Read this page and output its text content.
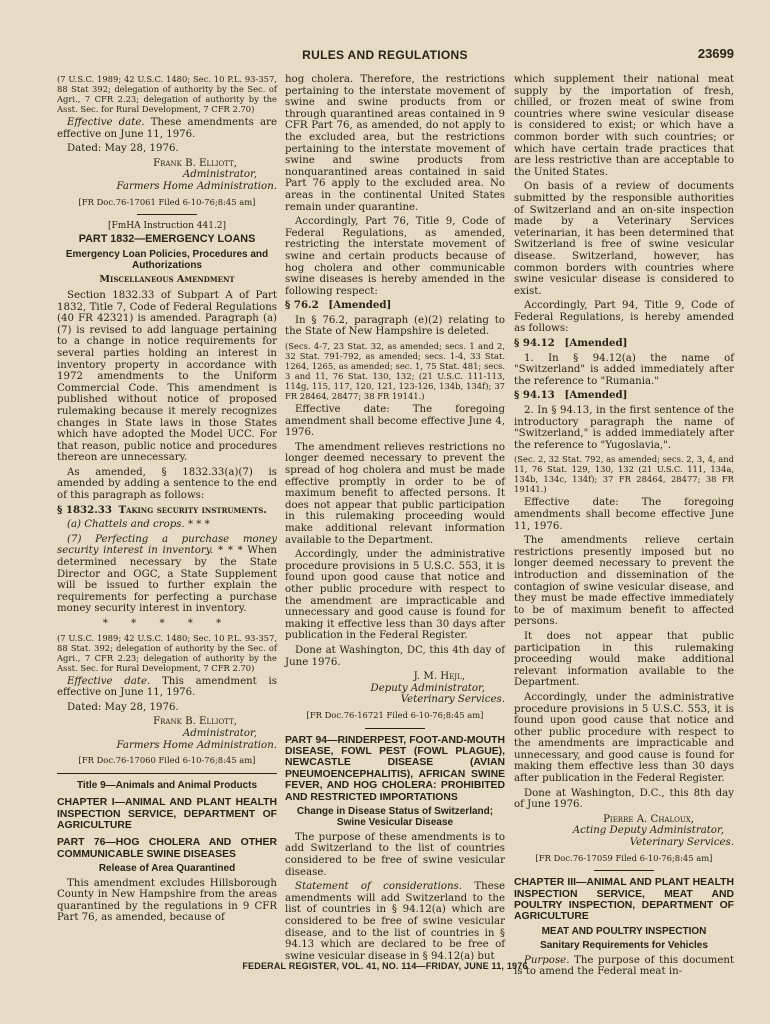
RULES AND REGULATIONS	23699

(7 U.S.C. 1989; 42 U.S.C. 1480; Sec. 10 P.L. 93-357, 88 Stat 392; delegation of authority by the Sec. of Agri., 7 CFR 2.23; delegation of authority by the Asst. Sec. for Rural Development, 7 CFR 2.70)

Effective date. These amendments are effective on June 11, 1976.

Dated: May 28, 1976.

Frank B. Elliott,

Administrator,

Farmers Home Administration.

[FR Doc.76-17061 Filed 6-10-76;8:45 am]

[FmHA Instruction 441.2]

PART 1832—EMERGENCY LOANS

Emergency Loan Policies, Procedures and Authorizations

Miscellaneous Amendment

Section 1832.33 of Subpart A of Part 1832, Title 7, Code of Federal Regulations (40 FR 42321) is amended. Paragraph (a) (7) is revised to add language pertaining to a change in notice requirements for several parties holding an interest in inventory property in accordance with 1972 amendments to the Uniform Commercial Code. This amendment is published without notice of proposed rulemaking because it merely recognizes changes in State laws in those States which have adopted the Model UCC. For that reason, public notice and procedures thereon are unnecessary.

As amended, § 1832.33(a)(7) is amended by adding a sentence to the end of this paragraph as follows:

§ 1832.33 Taking security instruments.

(a) Chattels and crops. * * *

(7) Perfecting a purchase money security interest in inventory. * * * When determined necessary by the State Director and OGC, a State Supplement will be issued to further explain the requirements for perfecting a purchase money security interest in inventory.

* * * * *

(7 U.S.C. 1989; 42 U.S.C. 1480; Sec. 10 P.L. 93-357, 88 Stat. 392; delegation of authority by the Sec. of Agri., 7 CFR 2.23; delegation of authority by the Asst. Sec. for Rural Development, 7 CFR 2.70)

Effective date. This amendment is effective on June 11, 1976.

Dated: May 28, 1976.

Frank B. Elliott,

Administrator,

Farmers Home Administration.

[FR Doc.76-17060 Filed 6-10-76;8:45 am]

Title 9—Animals and Animal Products

CHAPTER I—ANIMAL AND PLANT HEALTH INSPECTION SERVICE, DEPARTMENT OF AGRICULTURE

PART 76—HOG CHOLERA AND OTHER COMMUNICABLE SWINE DISEASES

Release of Area Quarantined

This amendment excludes Hillsborough County in New Hampshire from the areas quarantined by the regulations in 9 CFR Part 76, as amended, because of

hog cholera. Therefore, the restrictions pertaining to the interstate movement of swine and swine products from or through quarantined areas contained in 9 CFR Part 76, as amended, do not apply to the excluded area, but the restrictions pertaining to the interstate movement of swine and swine products from nonquarantined areas contained in said Part 76 apply to the excluded area. No areas in the continental United States remain under quarantine.

Accordingly, Part 76, Title 9, Code of Federal Regulations, as amended, restricting the interstate movement of swine and certain products because of hog cholera and other communicable swine diseases is hereby amended in the following respect:

§ 76.2 [Amended]

In § 76.2, paragraph (e)(2) relating to the State of New Hampshire is deleted.

(Secs. 4-7, 23 Stat. 32, as amended; secs. 1 and 2, 32 Stat. 791-792, as amended; secs. 1-4, 33 Stat. 1264, 1265, as amended; sec. 1, 75 Stat. 481; secs. 3 and 11, 76 Stat. 130, 132; (21 U.S.C. 111-113, 114g, 115, 117, 120, 121, 123-126, 134b, 134f); 37 FR 28464, 28477; 38 FR 19141.)

Effective date: The foregoing amendment shall become effective June 4, 1976.

The amendment relieves restrictions no longer deemed necessary to prevent the spread of hog cholera and must be made effective promptly in order to be of maximum benefit to affected persons. It does not appear that public participation in this rulemaking proceeding would make additional relevant information available to the Department.

Accordingly, under the administrative procedure provisions in 5 U.S.C. 553, it is found upon good cause that notice and other public procedure with respect to the amendment are impracticable and unnecessary and good cause is found for making it effective less than 30 days after publication in the Federal Register.

Done at Washington, DC, this 4th day of June 1976.

J. M. Hejl,

Deputy Administrator,

Veterinary Services.

[FR Doc.76-16721 Filed 6-10-76;8:45 am]

PART 94—RINDERPEST, FOOT-AND-MOUTH DISEASE, FOWL PEST (FOWL PLAGUE), NEWCASTLE DISEASE (AVIAN PNEUMOENCEPHALITIS), AFRICAN SWINE FEVER, AND HOG CHOLERA: PROHIBITED AND RESTRICTED IMPORTATIONS

Change in Disease Status of Switzerland; Swine Vesicular Disease

The purpose of these amendments is to add Switzerland to the list of countries considered to be free of swine vesicular disease.

Statement of considerations. These amendments will add Switzerland to the list of countries in § 94.12(a) which are considered to be free of swine vesicular disease, and to the list of countries in § 94.13 which are declared to be free of swine vesicular disease in § 94.12(a) but

which supplement their national meat supply by the importation of fresh, chilled, or frozen meat of swine from countries where swine vesicular disease is considered to exist; or which have a common border with such countries; or which have certain trade practices that are less restrictive than are acceptable to the United States.

On basis of a review of documents submitted by the responsible authorities of Switzerland and an on-site inspection made by a Veterinary Services veterinarian, it has been determined that Switzerland is free of swine vesicular disease. Switzerland, however, has common borders with countries where swine vesicular disease is considered to exist.

Accordingly, Part 94, Title 9, Code of Federal Regulations, is hereby amended as follows:

§ 94.12 [Amended]

1. In § 94.12(a) the name of "Switzerland" is added immediately after the reference to "Rumania."

§ 94.13 [Amended]

2. In § 94.13, in the first sentence of the introductory paragraph the name of "Switzerland," is added immediately after the reference to "Yugoslavia,".

(Sec. 2, 32 Stat. 792, as amended; secs. 2, 3, 4, and 11, 76 Stat. 129, 130, 132 (21 U.S.C. 111, 134a, 134b, 134c, 134f); 37 FR 28464, 28477; 38 FR 19141.)

Effective date: The foregoing amendments shall become effective June 11, 1976.

The amendments relieve certain restrictions presently imposed but no longer deemed necessary to prevent the introduction and dissemination of the contagion of swine vesicular disease, and they must be made effective immediately to be of maximum benefit to affected persons.

It does not appear that public participation in this rulemaking proceeding would make additional relevant information available to the Department.

Accordingly, under the administrative procedure provisions in 5 U.S.C. 553, it is found upon good cause that notice and other public procedure with respect to the amendments are impracticable and unnecessary, and good cause is found for making them effective less than 30 days after publication in the Federal Register.

Done at Washington, D.C., this 8th day of June 1976.

Pierre A. Chaloux,

Acting Deputy Administrator,

Veterinary Services.

[FR Doc.76-17059 Filed 6-10-76;8:45 am]

CHAPTER III—ANIMAL AND PLANT HEALTH INSPECTION SERVICE, MEAT AND POULTRY INSPECTION, DEPARTMENT OF AGRICULTURE

MEAT AND POULTRY INSPECTION

Sanitary Requirements for Vehicles

Purpose. The purpose of this document is to amend the Federal meat in-

FEDERAL REGISTER, VOL. 41, NO. 114—FRIDAY, JUNE 11, 1976
